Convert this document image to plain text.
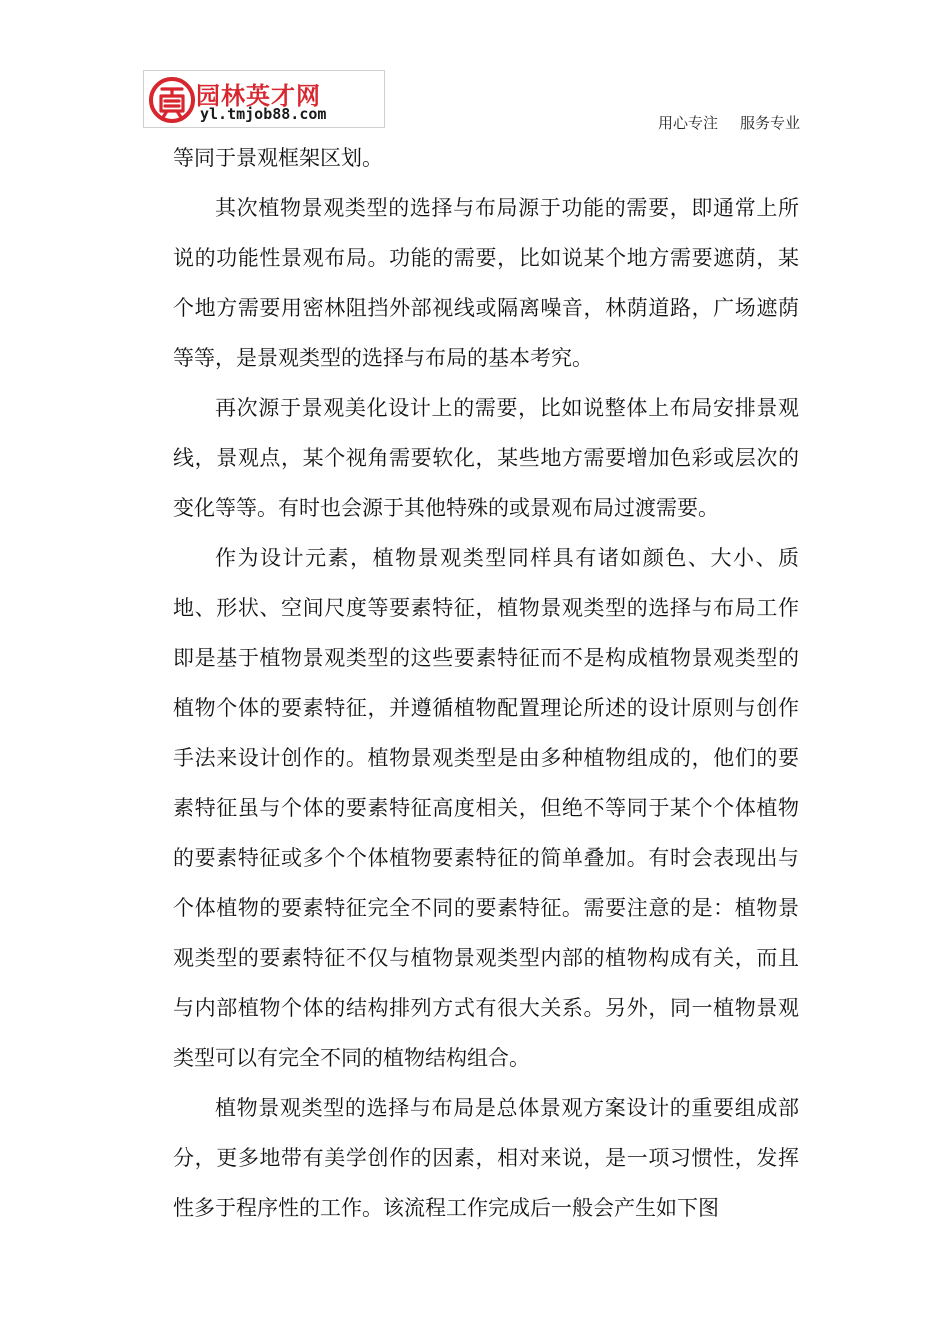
园林英才网
yl.tmjob88.com	用心专注 服务专业

等同于景观框架区划。

其次植物景观类型的选择与布局源于功能的需要，即通常上所说的功能性景观布局。功能的需要，比如说某个地方需要遮荫，某个地方需要用密林阻挡外部视线或隔离噪音，林荫道路，广场遮荫等等，是景观类型的选择与布局的基本考究。

再次源于景观美化设计上的需要，比如说整体上布局安排景观线，景观点，某个视角需要软化，某些地方需要增加色彩或层次的变化等等。有时也会源于其他特殊的或景观布局过渡需要。

作为设计元素，植物景观类型同样具有诸如颜色、大小、质地、形状、空间尺度等要素特征，植物景观类型的选择与布局工作即是基于植物景观类型的这些要素特征而不是构成植物景观类型的植物个体的要素特征，并遵循植物配置理论所述的设计原则与创作手法来设计创作的。植物景观类型是由多种植物组成的，他们的要素特征虽与个体的要素特征高度相关，但绝不等同于某个个体植物的要素特征或多个个体植物要素特征的简单叠加。有时会表现出与个体植物的要素特征完全不同的要素特征。需要注意的是：植物景观类型的要素特征不仅与植物景观类型内部的植物构成有关，而且与内部植物个体的结构排列方式有很大关系。另外，同一植物景观类型可以有完全不同的植物结构组合。

植物景观类型的选择与布局是总体景观方案设计的重要组成部分，更多地带有美学创作的因素，相对来说，是一项习惯性，发挥性多于程序性的工作。该流程工作完成后一般会产生如下图
